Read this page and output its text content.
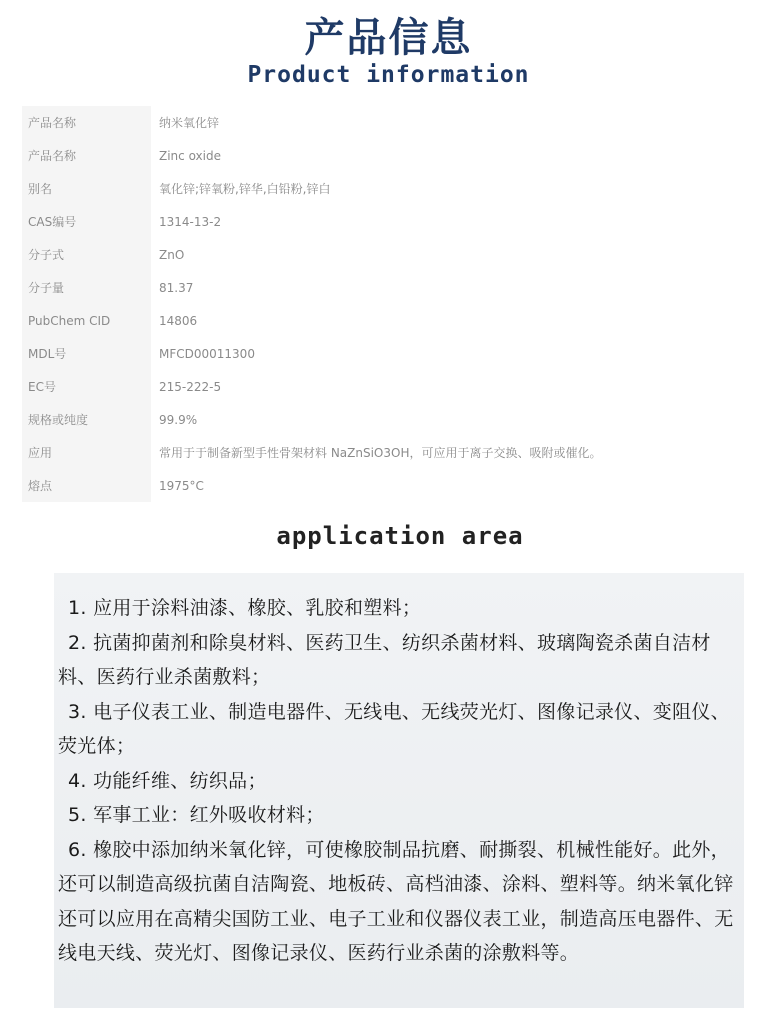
产品信息
Product information
产品名称	纳米氧化锌
产品名称	Zinc oxide
别名	氧化锌;锌氧粉,锌华,白铅粉,锌白
CAS编号	1314-13-2
分子式	ZnO
分子量	81.37
PubChem CID	14806
MDL号	MFCD00011300
EC号	215-222-5
规格或纯度	99.9%
应用	常用于于制备新型手性骨架材料 NaZnSiO3OH，可应用于离子交换、吸附或催化。
熔点	1975°C
application area

1. 应用于涂料油漆、橡胶、乳胶和塑料；

2. 抗菌抑菌剂和除臭材料、医药卫生、纺织杀菌材料、玻璃陶瓷杀菌自洁材料、医药行业杀菌敷料；

3. 电子仪表工业、制造电器件、无线电、无线荧光灯、图像记录仪、变阻仪、荧光体；

4. 功能纤维、纺织品；

5. 军事工业：红外吸收材料；

6. 橡胶中添加纳米氧化锌，可使橡胶制品抗磨、耐撕裂、机械性能好。此外，还可以制造高级抗菌自洁陶瓷、地板砖、高档油漆、涂料、塑料等。纳米氧化锌还可以应用在高精尖国防工业、电子工业和仪器仪表工业，制造高压电器件、无线电天线、荧光灯、图像记录仪、医药行业杀菌的涂敷料等。
